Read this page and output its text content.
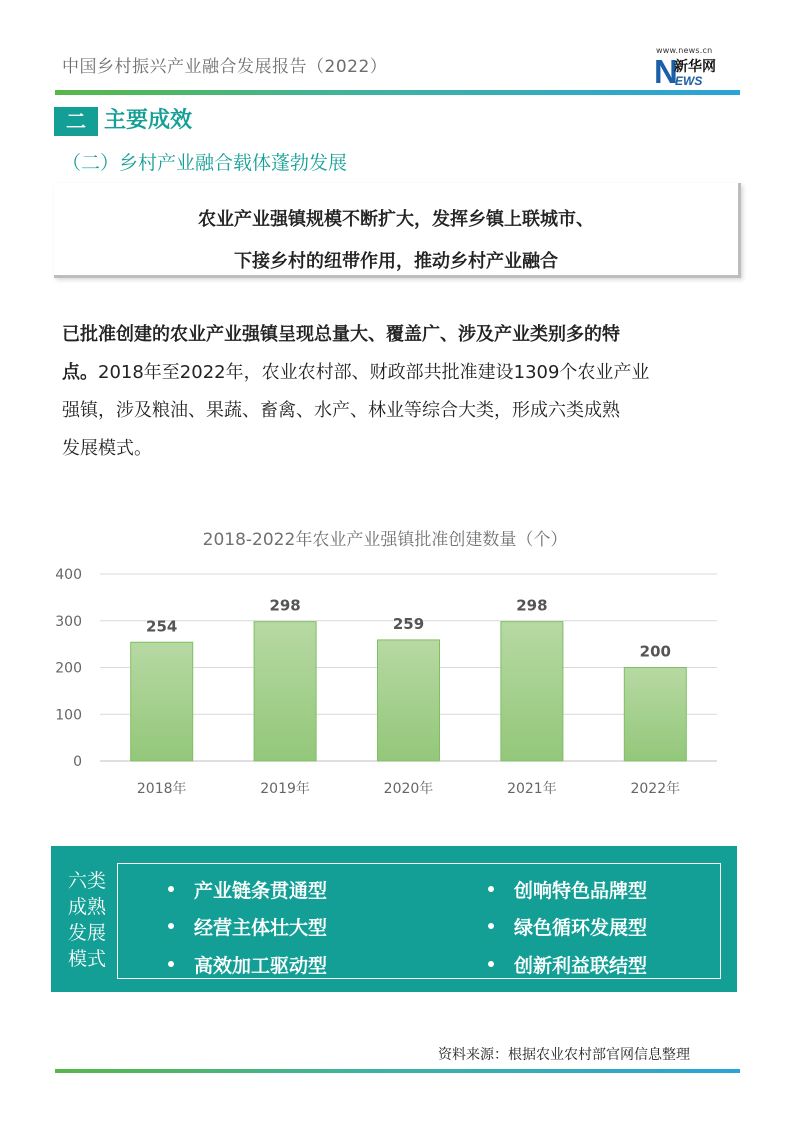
中国乡村振兴产业融合发展报告（2022）
www.news.cn
N
新华网
EWS
二 主要成效
（二）乡村产业融合载体蓬勃发展
农业产业强镇规模不断扩大，发挥乡镇上联城市、
下接乡村的纽带作用，推动乡村产业融合
已批准创建的农业产业强镇呈现总量大、覆盖广、涉及产业类别多的特
点。2018年至2022年，农业农村部、财政部共批准建设1309个农业产业
强镇，涉及粮油、果蔬、畜禽、水产、林业等综合大类，形成六类成熟
发展模式。
2018-2022年农业产业强镇批准创建数量（个）
0
100
200
300
400
254
2018年
298
2019年
259
2020年
298
2021年
200
2022年
六类
成熟
发展
模式
产业链条贯通型
经营主体壮大型
高效加工驱动型
创响特色品牌型
绿色循环发展型
创新利益联结型
资料来源：根据农业农村部官网信息整理
